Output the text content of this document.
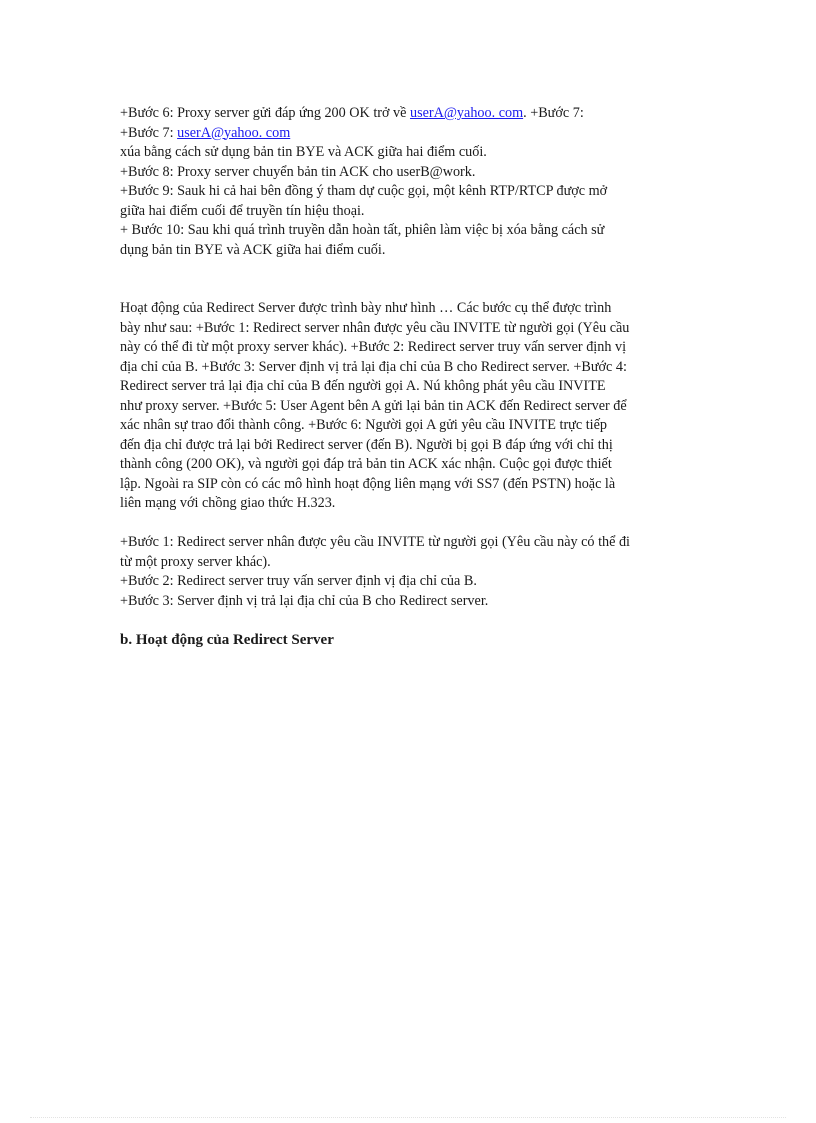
+Bước 6: Proxy server gửi đáp ứng 200 OK trở về userA@yahoo. com. +Bước 7:
+Bước 7: userA@yahoo. com
xúa bằng cách sử dụng bản tin BYE và ACK giữa hai điểm cuối.
+Bước 8: Proxy server chuyển bản tin ACK cho userB@work.
+Bước 9: Sauk hi cả hai bên đồng ý tham dự cuộc gọi, một kênh RTP/RTCP được mở
giữa hai điểm cuối để truyền tín hiệu thoại.
+ Bước 10: Sau khi quá trình truyền dẫn hoàn tất, phiên làm việc bị xóa bằng cách sử
dụng bản tin BYE và ACK giữa hai điểm cuối.
Hoạt động của Redirect Server được trình bày như hình … Các bước cụ thể được trình
bày như sau: +Bước 1: Redirect server nhân được yêu cầu INVITE từ người gọi (Yêu cầu
này có thể đi từ một proxy server khác). +Bước 2: Redirect server truy vấn server định vị
địa chỉ của B. +Bước 3: Server định vị trả lại địa chỉ của B cho Redirect server. +Bước 4:
Redirect server trả lại địa chỉ của B đến người gọi A. Nú không phát yêu cầu INVITE
như proxy server. +Bước 5: User Agent bên A gửi lại bản tin ACK đến Redirect server để
xác nhân sự trao đổi thành công. +Bước 6: Người gọi A gửi yêu cầu INVITE trực tiếp
đến địa chỉ được trả lại bởi Redirect server (đến B). Người bị gọi B đáp ứng với chỉ thị
thành công (200 OK), và người gọi đáp trả bản tin ACK xác nhận. Cuộc gọi được thiết
lập. Ngoài ra SIP còn có các mô hình hoạt động liên mạng với SS7 (đến PSTN) hoặc là
liên mạng với chồng giao thức H.323.
+Bước 1: Redirect server nhân được yêu cầu INVITE từ người gọi (Yêu cầu này có thể đi
từ một proxy server khác).
+Bước 2: Redirect server truy vấn server định vị địa chỉ của B.
+Bước 3: Server định vị trả lại địa chỉ của B cho Redirect server.
b. Hoạt động của Redirect Server
